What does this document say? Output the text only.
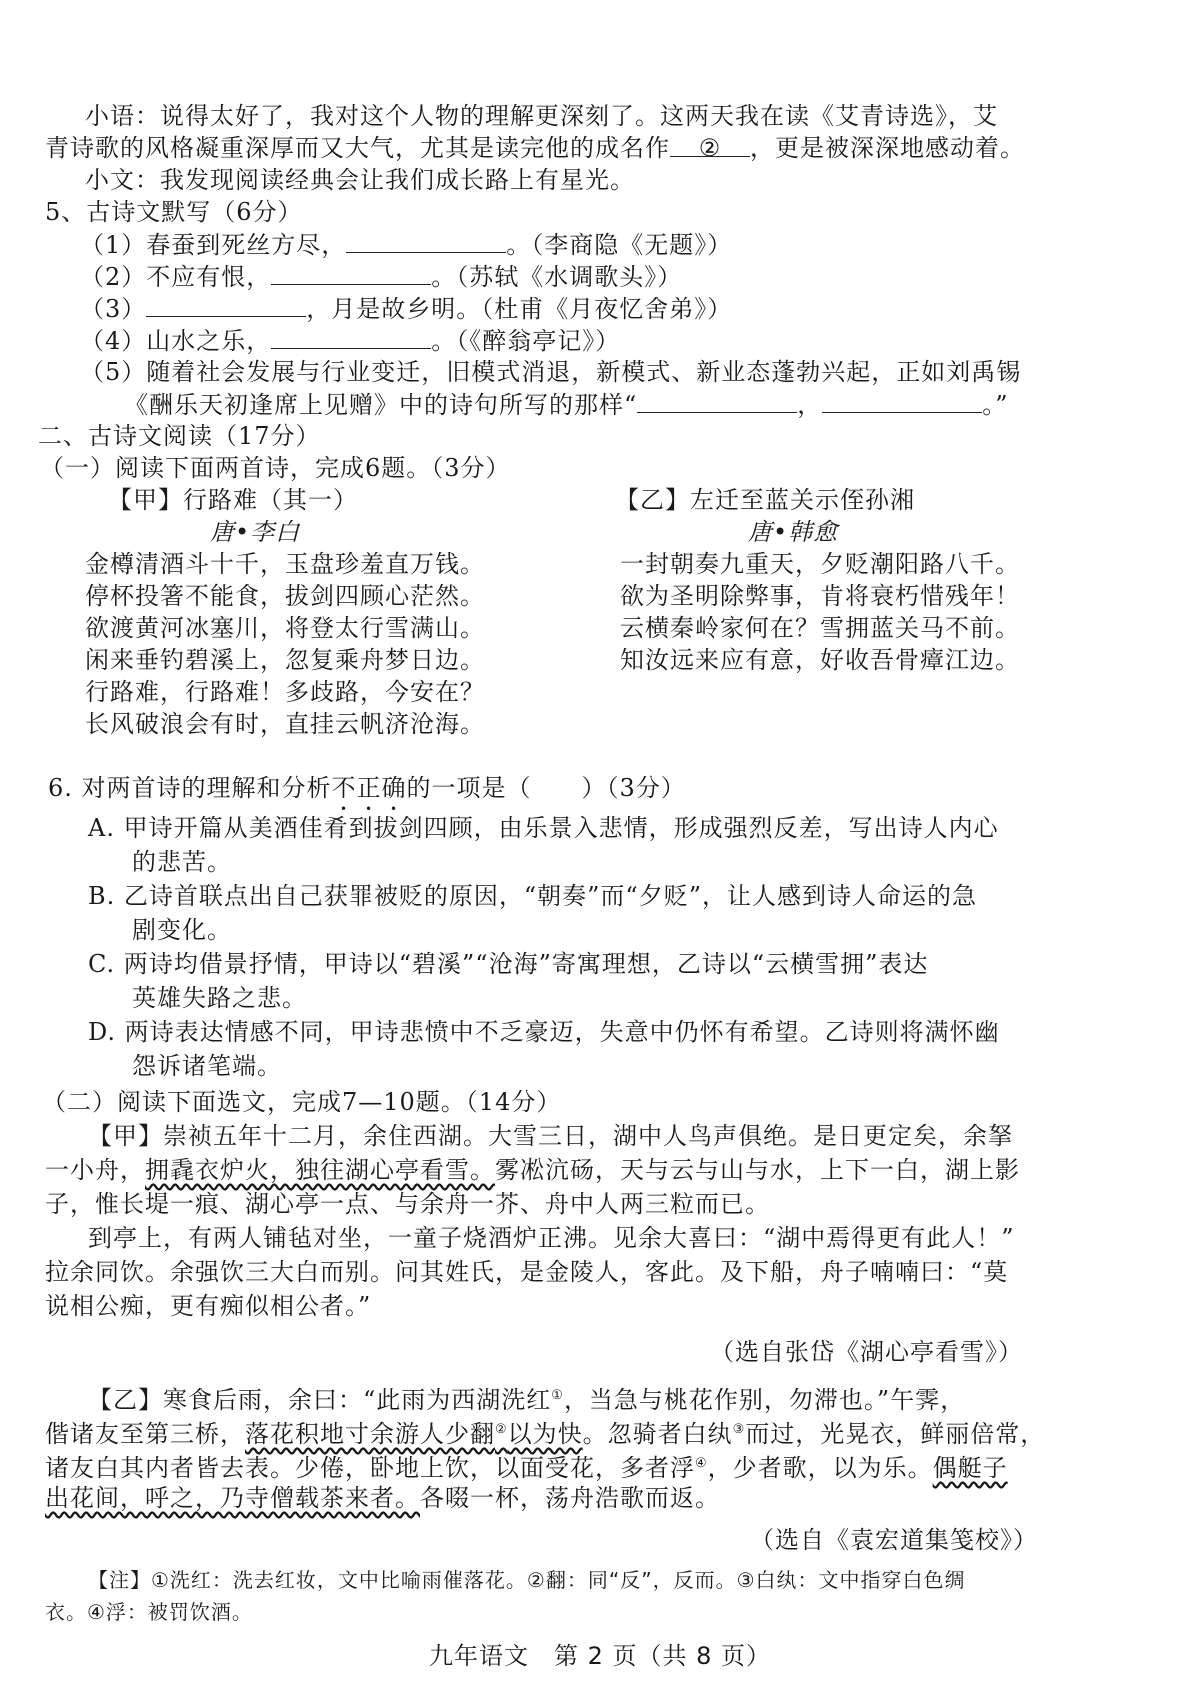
小语：说得太好了，我对这个人物的理解更深刻了。这两天我在读《艾青诗选》，艾
青诗歌的风格凝重深厚而又大气，尤其是读完他的成名作 ② ，更是被深深地感动着。
小文：我发现阅读经典会让我们成长路上有星光。
5、古诗文默写（6分）
（1）春蚕到死丝方尽，	。（李商隐《无题》）
（2）不应有恨，	。（苏轼《水调歌头》）
（3）	，月是故乡明。（杜甫《月夜忆舍弟》）
（4）山水之乐，	。（《醉翁亭记》）
（5）随着社会发展与行业变迁，旧模式消退，新模式、新业态蓬勃兴起，正如刘禹锡
《酬乐天初逢席上见赠》中的诗句所写的那样“	，	。”
二、古诗文阅读（17分）
（一）阅读下面两首诗，完成6题。（3分）
【甲】行路难（其一）
唐•李白
金樽清酒斗十千，玉盘珍羞直万钱。
停杯投箸不能食，拔剑四顾心茫然。
欲渡黄河冰塞川，将登太行雪满山。
闲来垂钓碧溪上，忽复乘舟梦日边。
行路难，行路难！多歧路，今安在？
长风破浪会有时，直挂云帆济沧海。
【乙】左迁至蓝关示侄孙湘
唐•韩愈
一封朝奏九重天，夕贬潮阳路八千。
欲为圣明除弊事，肯将衰朽惜残年！
云横秦岭家何在？雪拥蓝关马不前。
知汝远来应有意，好收吾骨瘴江边。
6. 对两首诗的理解和分析不正确的一项是（　　）（3分）
A. 甲诗开篇从美酒佳肴到拔剑四顾，由乐景入悲情，形成强烈反差，写出诗人内心
的悲苦。
B. 乙诗首联点出自己获罪被贬的原因，“朝奏”而“夕贬”，让人感到诗人命运的急
剧变化。
C. 两诗均借景抒情，甲诗以“碧溪”“沧海”寄寓理想，乙诗以“云横雪拥”表达
英雄失路之悲。
D. 两诗表达情感不同，甲诗悲愤中不乏豪迈，失意中仍怀有希望。乙诗则将满怀幽
怨诉诸笔端。
（二）阅读下面选文，完成7—10题。（14分）
【甲】崇祯五年十二月，余住西湖。大雪三日，湖中人鸟声俱绝。是日更定矣，余拏
一小舟，拥毳衣炉火，独往湖心亭看雪。雾凇沆砀，天与云与山与水，上下一白，湖上影
子，惟长堤一痕、湖心亭一点、与余舟一芥、舟中人两三粒而已。
到亭上，有两人铺毡对坐，一童子烧酒炉正沸。见余大喜曰：“湖中焉得更有此人！”
拉余同饮。余强饮三大白而别。问其姓氏，是金陵人，客此。及下船，舟子喃喃曰：“莫
说相公痴，更有痴似相公者。”
（选自张岱《湖心亭看雪》）
【乙】寒食后雨，余曰：“此雨为西湖洗红①，当急与桃花作别，勿滞也。”午霁，
偕诸友至第三桥，落花积地寸余游人少翻②以为快。忽骑者白纨③而过，光晃衣，鲜丽倍常，
诸友白其内者皆去表。少倦，卧地上饮，以面受花，多者浮④，少者歌，以为乐。偶艇子
出花间，呼之，乃寺僧载茶来者。各啜一杯，荡舟浩歌而返。
（选自《袁宏道集笺校》）
【注】①洗红：洗去红妆，文中比喻雨催落花。②翻：同“反”，反而。③白纨：文中指穿白色绸
衣。④浮：被罚饮酒。
九年语文　第 2 页（共 8 页）
